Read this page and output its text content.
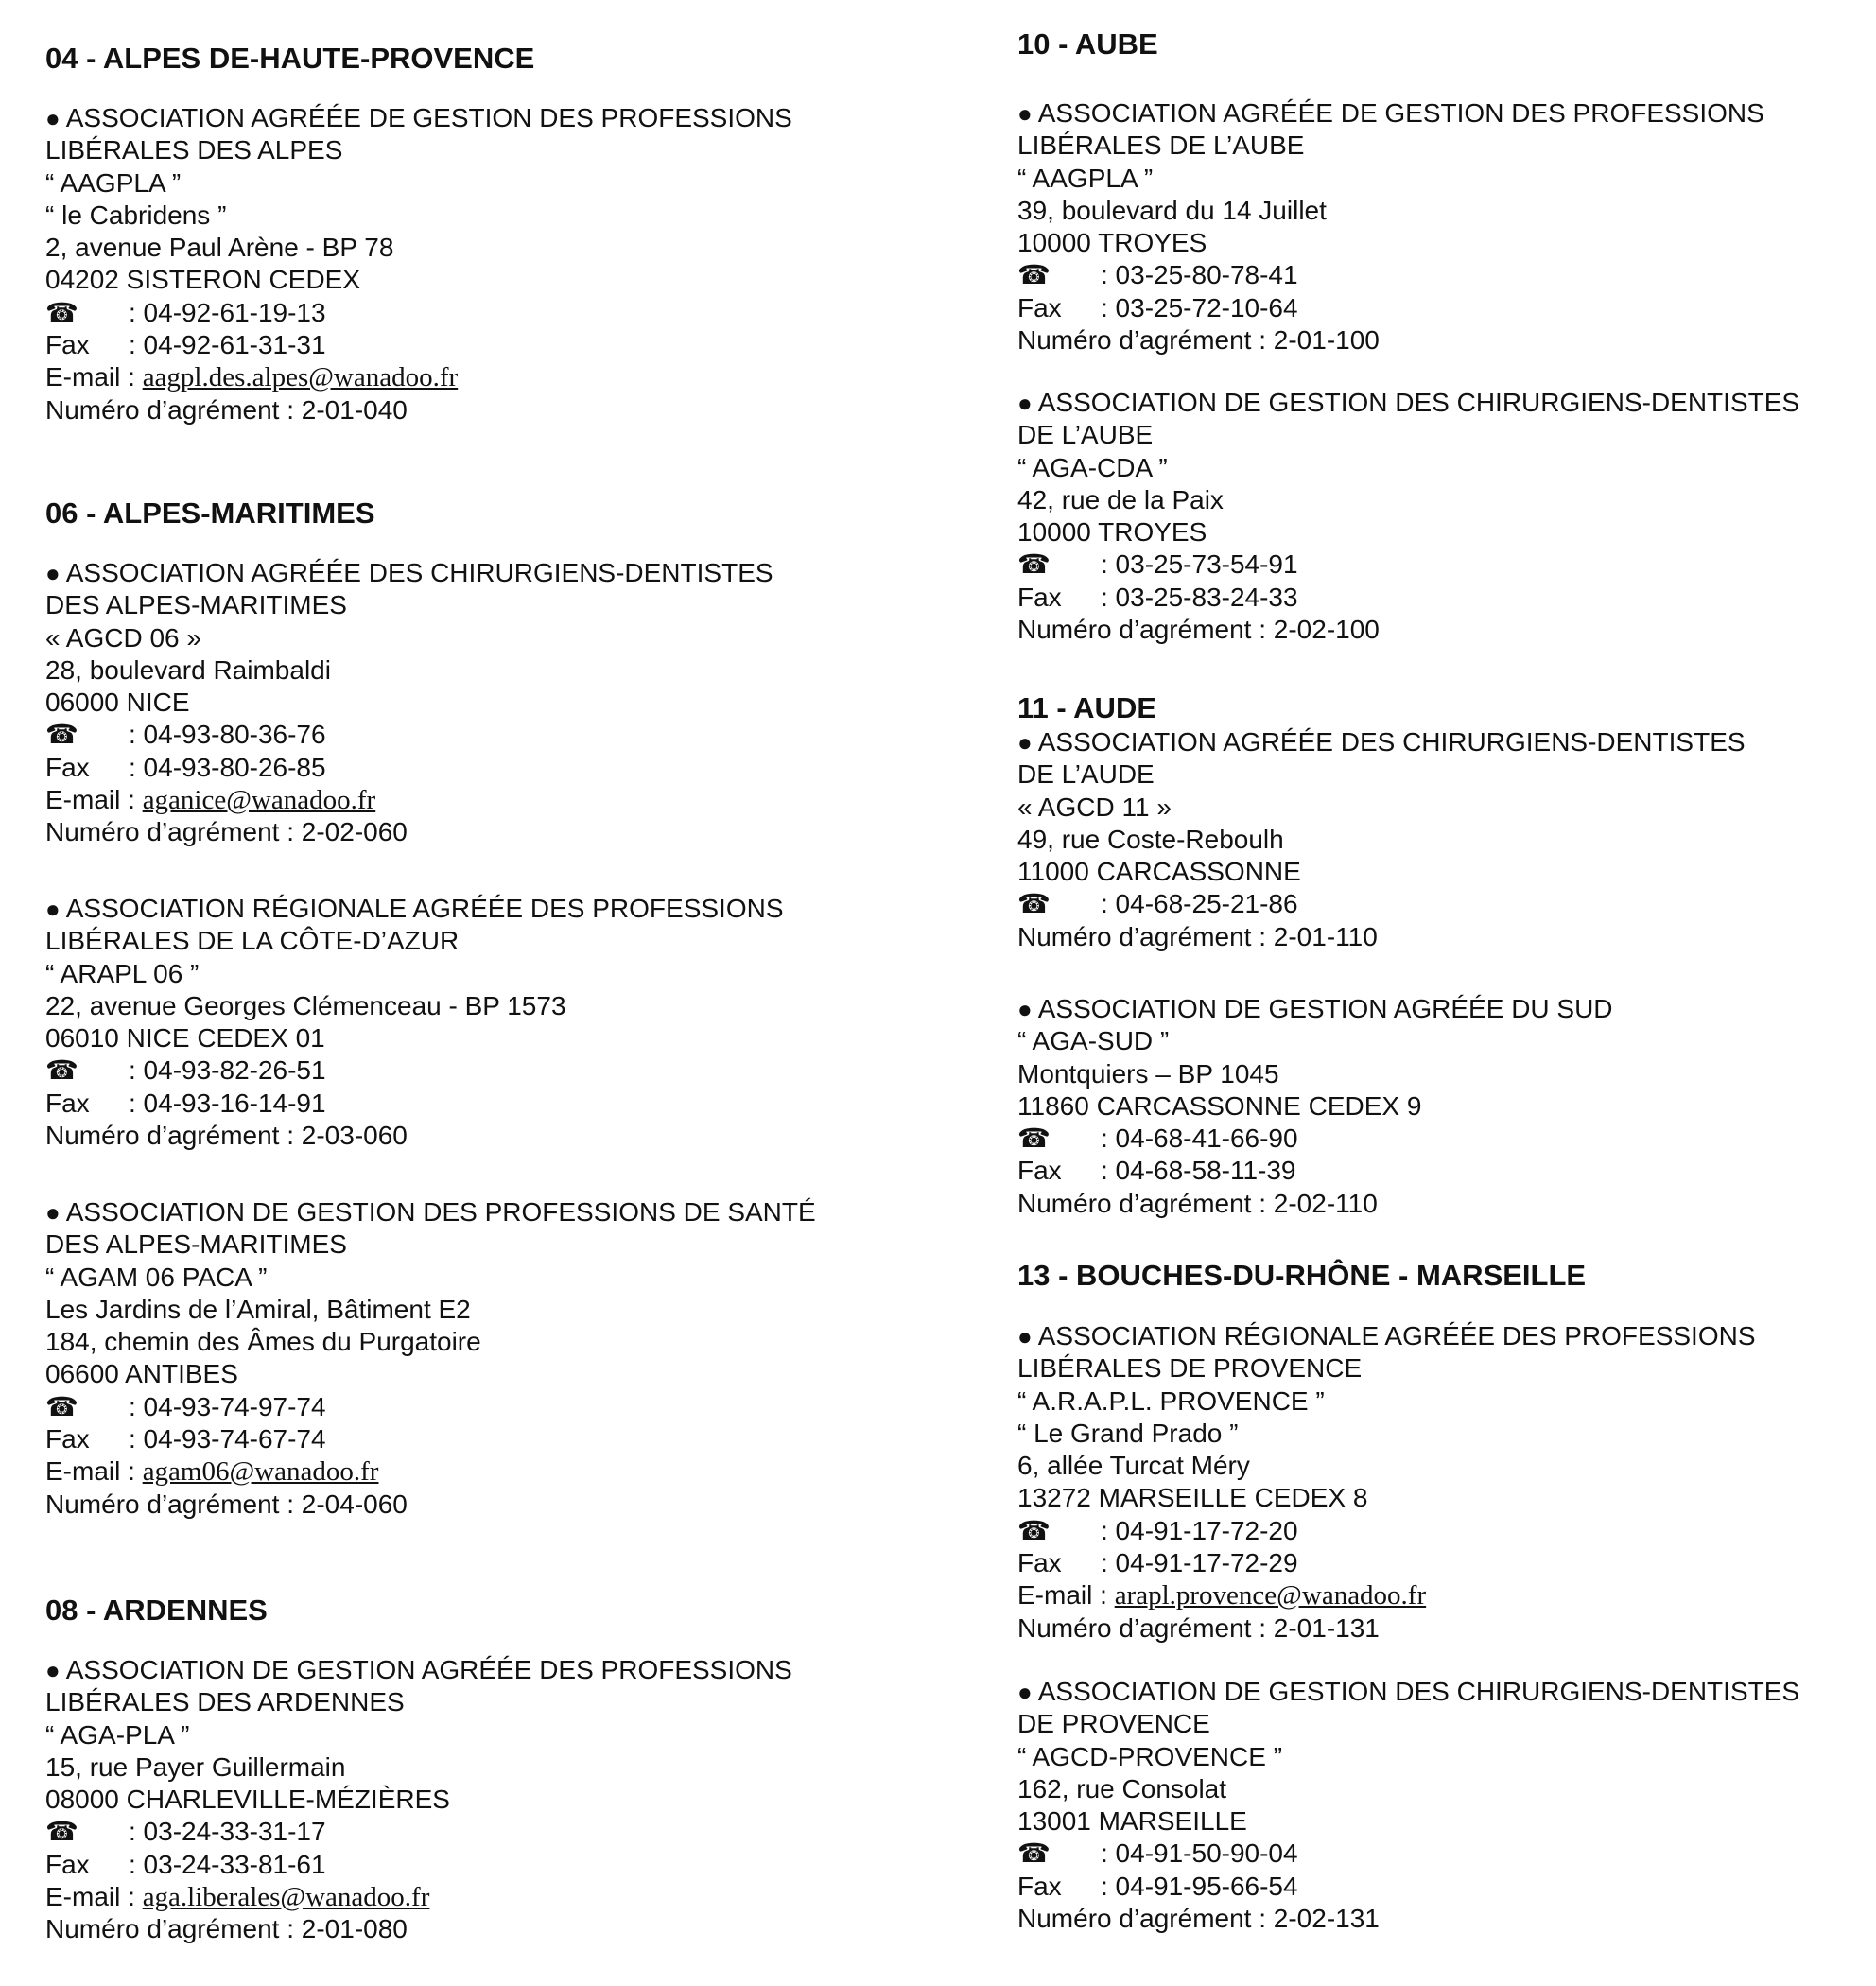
04 - ALPES DE-HAUTE-PROVENCE
● ASSOCIATION AGRÉÉE DE GESTION DES PROFESSIONS
LIBÉRALES DES ALPES
“ AAGPLA ”
“ le Cabridens ”
2, avenue Paul Arène - BP 78
04202 SISTERON CEDEX
☎ : 04-92-61-19-13
Fax : 04-92-61-31-31
E-mail : aagpl.des.alpes@wanadoo.fr
Numéro d’agrément : 2-01-040
06 - ALPES-MARITIMES
● ASSOCIATION AGRÉÉE DES CHIRURGIENS-DENTISTES
DES ALPES-MARITIMES
« AGCD 06 »
28, boulevard Raimbaldi
06000 NICE
☎ : 04-93-80-36-76
Fax : 04-93-80-26-85
E-mail : aganice@wanadoo.fr
Numéro d’agrément : 2-02-060
● ASSOCIATION RÉGIONALE AGRÉÉE DES PROFESSIONS
LIBÉRALES DE LA CÔTE-D’AZUR
“ ARAPL 06 ”
22, avenue Georges Clémenceau - BP 1573
06010 NICE CEDEX 01
☎ : 04-93-82-26-51
Fax : 04-93-16-14-91
Numéro d’agrément : 2-03-060
● ASSOCIATION DE GESTION DES PROFESSIONS DE SANTÉ
DES ALPES-MARITIMES
“ AGAM 06 PACA ”
Les Jardins de l’Amiral, Bâtiment E2
184, chemin des Âmes du Purgatoire
06600 ANTIBES
☎ : 04-93-74-97-74
Fax : 04-93-74-67-74
E-mail : agam06@wanadoo.fr
Numéro d’agrément : 2-04-060
08 - ARDENNES
● ASSOCIATION DE GESTION AGRÉÉE DES PROFESSIONS
LIBÉRALES DES ARDENNES
“ AGA-PLA ”
15, rue Payer Guillermain
08000 CHARLEVILLE-MÉZIÈRES
☎ : 03-24-33-31-17
Fax : 03-24-33-81-61
E-mail : aga.liberales@wanadoo.fr
Numéro d’agrément : 2-01-080
10 - AUBE
● ASSOCIATION AGRÉÉE DE GESTION DES PROFESSIONS
LIBÉRALES DE L’AUBE
“ AAGPLA ”
39, boulevard du 14 Juillet
10000 TROYES
☎ : 03-25-80-78-41
Fax : 03-25-72-10-64
Numéro d’agrément : 2-01-100
● ASSOCIATION DE GESTION DES CHIRURGIENS-DENTISTES
DE L’AUBE
“ AGA-CDA ”
42, rue de la Paix
10000 TROYES
☎ : 03-25-73-54-91
Fax : 03-25-83-24-33
Numéro d’agrément : 2-02-100
11 - AUDE
● ASSOCIATION AGRÉÉE DES CHIRURGIENS-DENTISTES
DE L’AUDE
« AGCD 11 »
49, rue Coste-Reboulh
11000 CARCASSONNE
☎ : 04-68-25-21-86
Numéro d’agrément : 2-01-110
● ASSOCIATION DE GESTION AGRÉÉE DU SUD
“ AGA-SUD ”
Montquiers – BP 1045
11860 CARCASSONNE CEDEX 9
☎ : 04-68-41-66-90
Fax : 04-68-58-11-39
Numéro d’agrément : 2-02-110
13 - BOUCHES-DU-RHÔNE - MARSEILLE
● ASSOCIATION RÉGIONALE AGRÉÉE DES PROFESSIONS
LIBÉRALES DE PROVENCE
“ A.R.A.P.L. PROVENCE ”
“ Le Grand Prado ”
6, allée Turcat Méry
13272 MARSEILLE CEDEX 8
☎ : 04-91-17-72-20
Fax : 04-91-17-72-29
E-mail : arapl.provence@wanadoo.fr
Numéro d’agrément : 2-01-131
● ASSOCIATION DE GESTION DES CHIRURGIENS-DENTISTES
DE PROVENCE
“ AGCD-PROVENCE ”
162, rue Consolat
13001 MARSEILLE
☎ : 04-91-50-90-04
Fax : 04-91-95-66-54
Numéro d’agrément : 2-02-131
